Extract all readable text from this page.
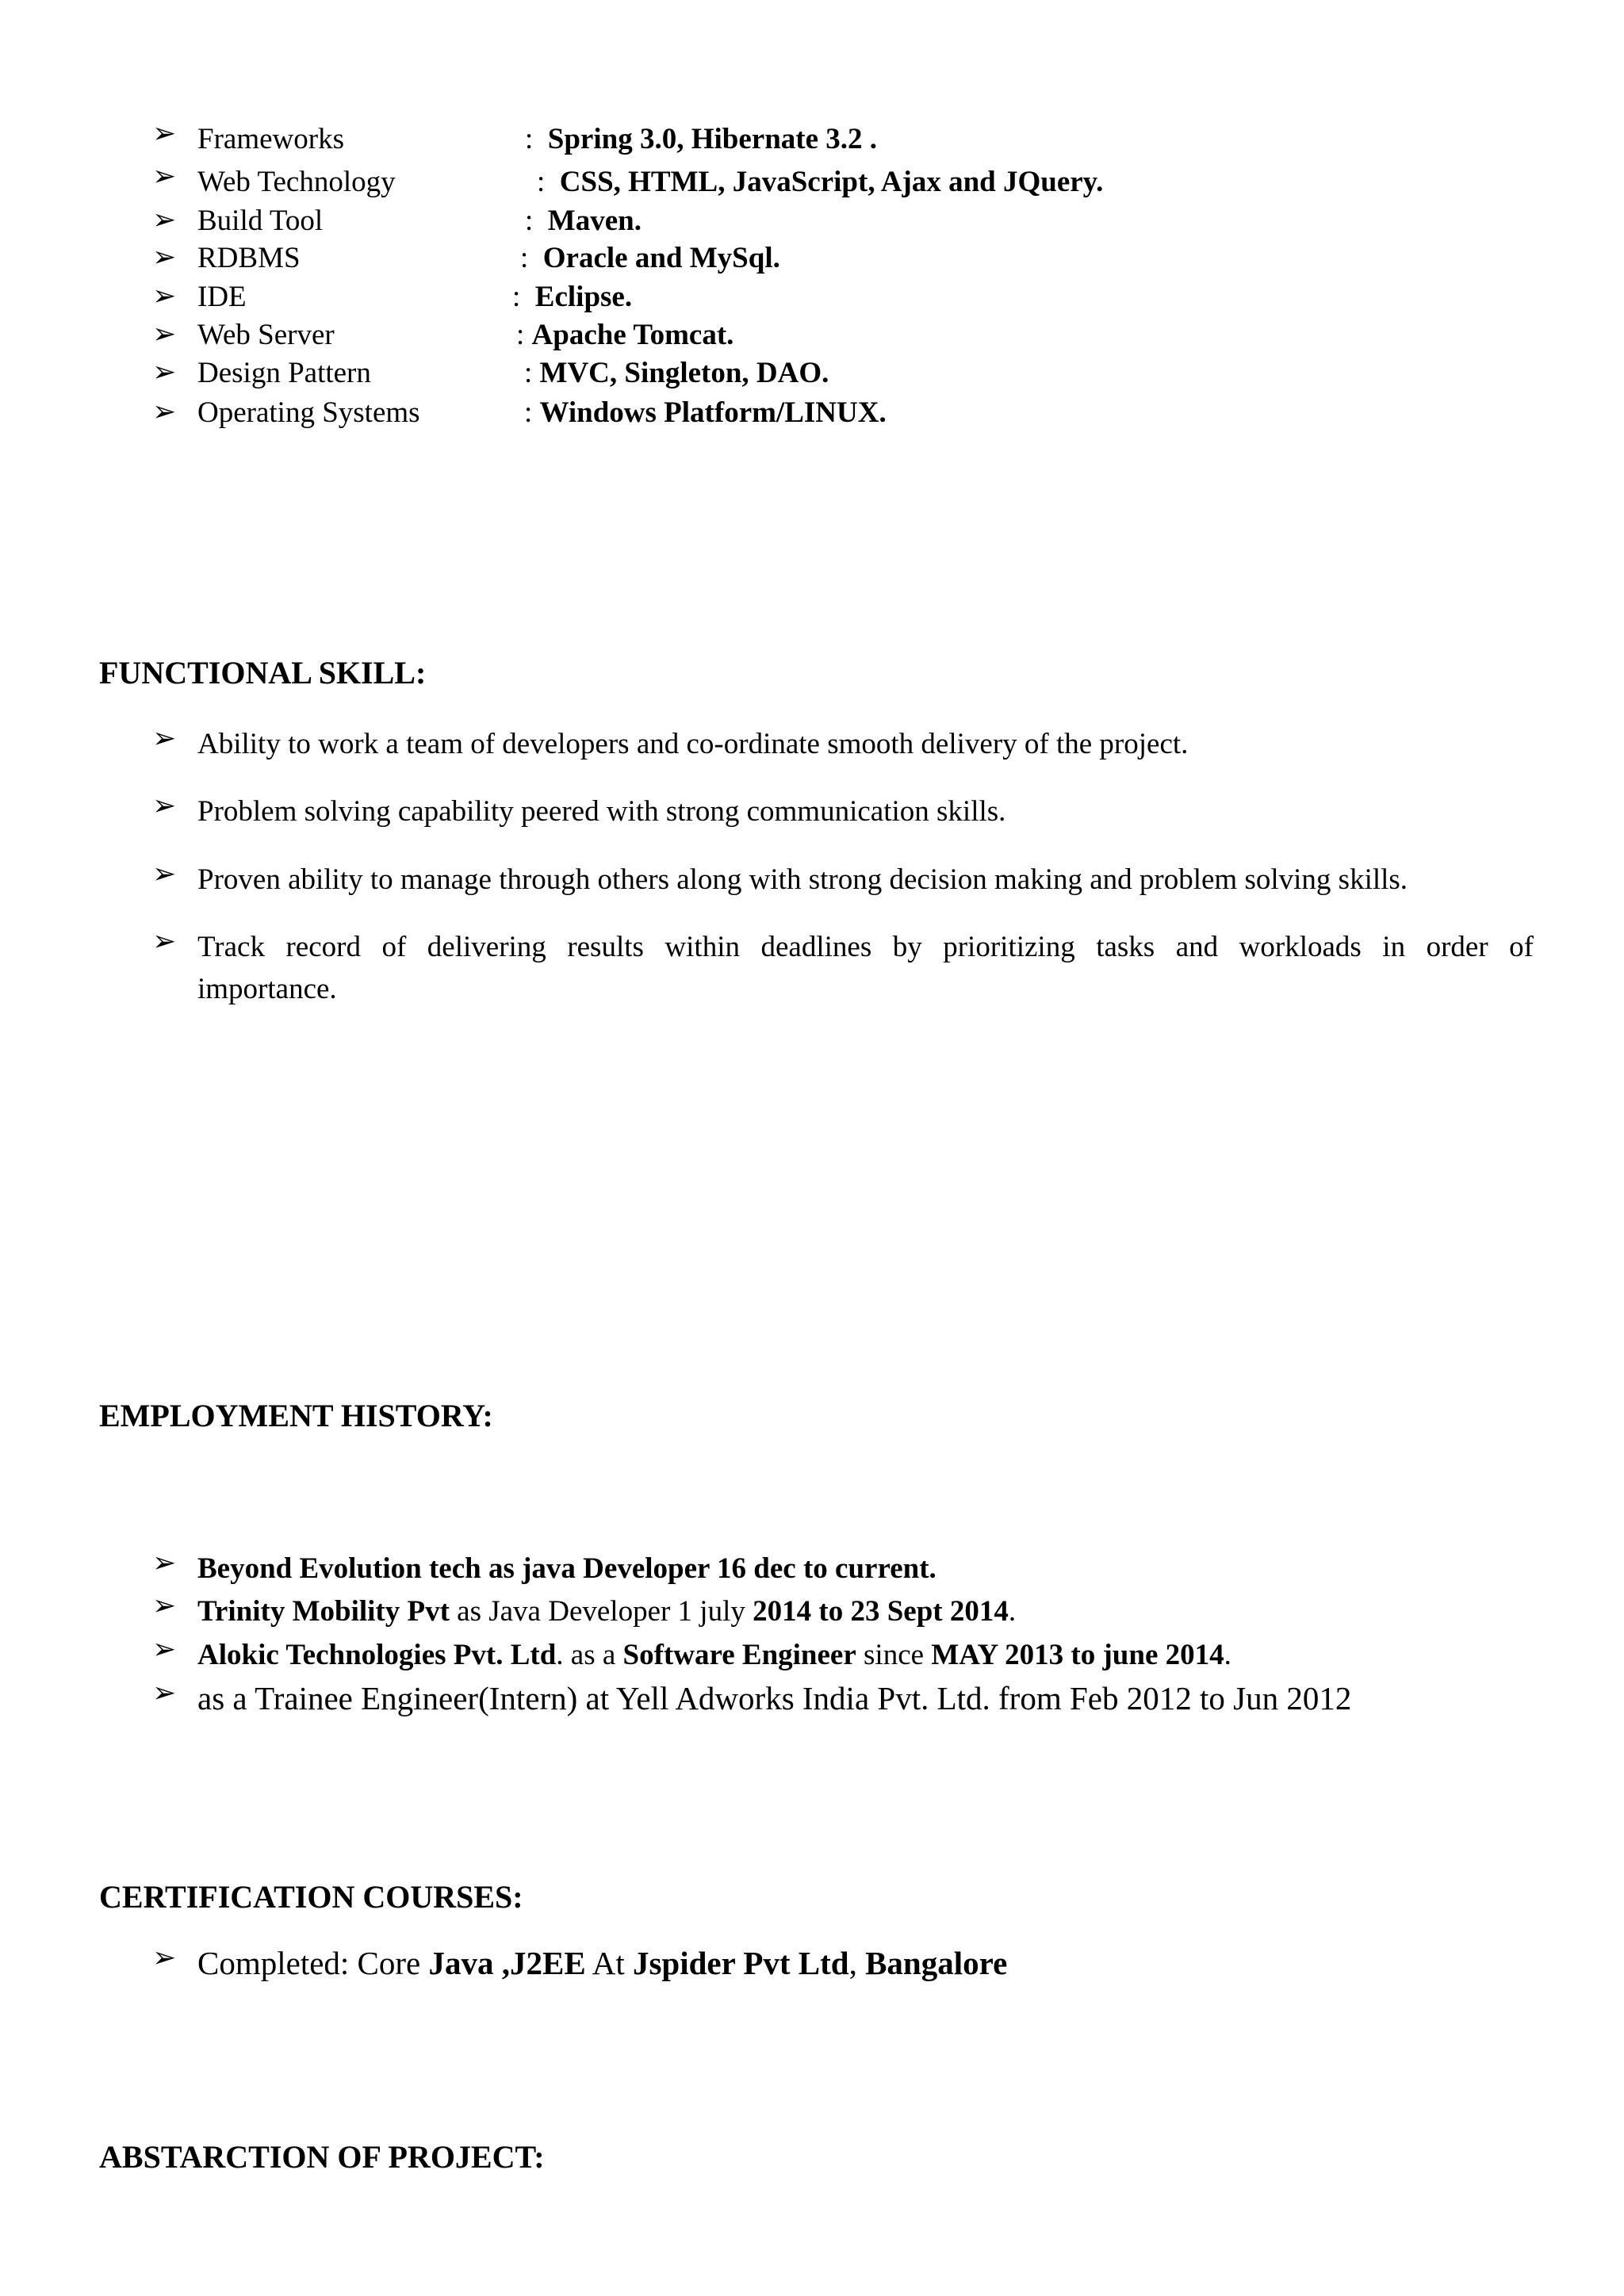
➢ Frameworks	:  Spring 3.0, Hibernate 3.2 .
➢ Web Technology	:  CSS, HTML, JavaScript, Ajax and JQuery.
➢ Build Tool	:  Maven.
➢ RDBMS	:  Oracle and MySql.
➢ IDE	:  Eclipse.
➢ Web Server	: Apache Tomcat.
➢ Design Pattern	: MVC, Singleton, DAO.
➢ Operating Systems	: Windows Platform/LINUX.
FUNCTIONAL SKILL:
➢ Ability to work a team of developers and co-ordinate smooth delivery of the project.
➢ Problem solving capability peered with strong communication skills.
➢ Proven ability to manage through others along with strong decision making and problem solving skills.
➢ Track record of delivering results within deadlines by prioritizing tasks and workloads in order of
importance.
EMPLOYMENT HISTORY:
➢ Beyond Evolution tech as java Developer 16 dec to current.
➢ Trinity Mobility Pvt as Java Developer 1 july 2014 to 23 Sept 2014.
➢ Alokic Technologies Pvt. Ltd. as a Software Engineer since MAY 2013 to june 2014.
➢ as a Trainee Engineer(Intern) at Yell Adworks India Pvt. Ltd. from Feb 2012 to Jun 2012
CERTIFICATION COURSES:
➢ Completed: Core Java ,J2EE At Jspider Pvt Ltd, Bangalore
ABSTARCTION OF PROJECT:
